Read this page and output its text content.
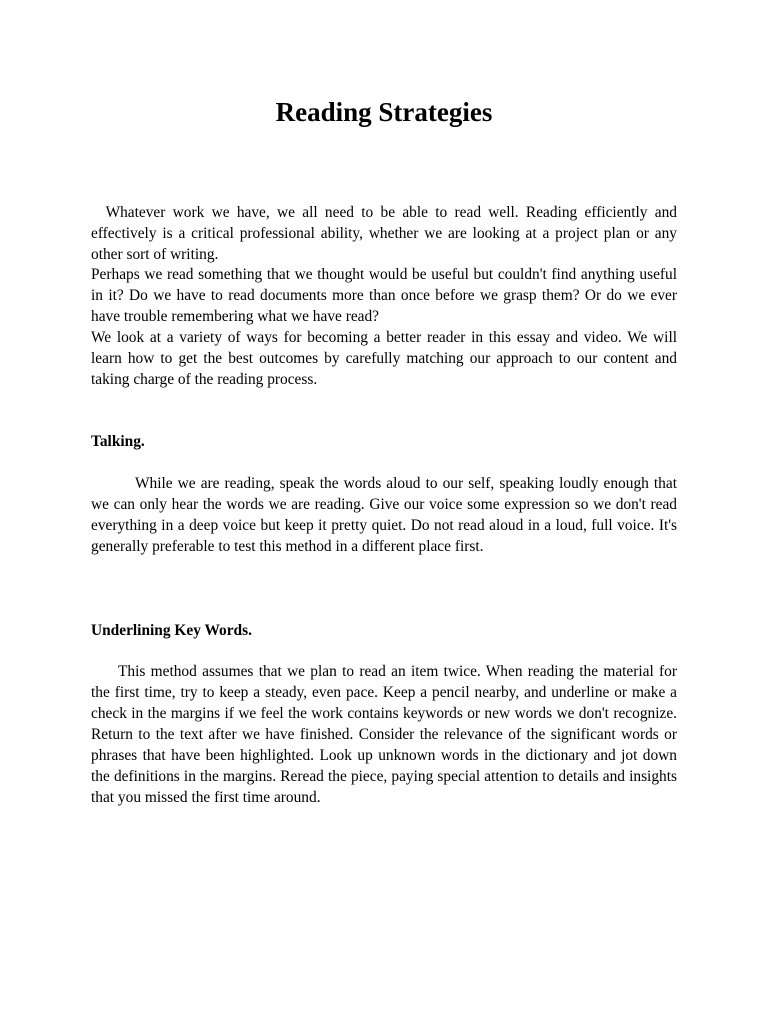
Reading Strategies

Whatever work we have, we all need to be able to read well. Reading efficiently and effectively is a critical professional ability, whether we are looking at a project plan or any other sort of writing.

Perhaps we read something that we thought would be useful but couldn't find anything useful in it? Do we have to read documents more than once before we grasp them? Or do we ever have trouble remembering what we have read?

We look at a variety of ways for becoming a better reader in this essay and video. We will learn how to get the best outcomes by carefully matching our approach to our content and taking charge of the reading process.

Talking.

While we are reading, speak the words aloud to our self, speaking loudly enough that we can only hear the words we are reading. Give our voice some expression so we don't read everything in a deep voice but keep it pretty quiet. Do not read aloud in a loud, full voice. It's generally preferable to test this method in a different place first.

Underlining Key Words.

This method assumes that we plan to read an item twice. When reading the material for the first time, try to keep a steady, even pace. Keep a pencil nearby, and underline or make a check in the margins if we feel the work contains keywords or new words we don't recognize. Return to the text after we have finished. Consider the relevance of the significant words or phrases that have been highlighted. Look up unknown words in the dictionary and jot down the definitions in the margins. Reread the piece, paying special attention to details and insights that you missed the first time around.
